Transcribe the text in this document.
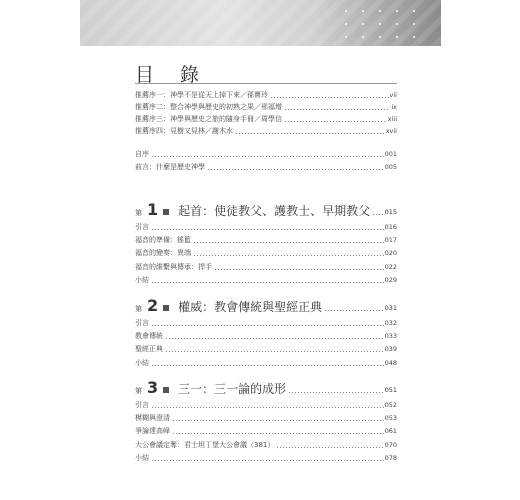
目 錄
推薦序一：神學不是從天上掉下來／孫寶玲	vii
推薦序二：整合神學與歷史的初熟之果／邢福增	ix
推薦序三：神學與歷史之旅的隨身手冊／周學信	xiii
推薦序四：見樹又見林／謝木水	xvii
自序	001
前言：什麼是歷史神學	005
第 1 起首：使徒教父、護教士、早期教父 015
引言	016
福音的準備：搖籃	017
福音的變奏：異端	020
福音的維繫與傳承：捍手	022
小結	029
第 2 權威：教會傳統與聖經正典	031
引言	032
教會傳統	033
聖經正典	039
小結	048
第 3 三一：三一論的成形	051
引言	052
模糊與澄清	053
爭論達高峰	061
大公會議定奪：君士坦丁堡大公會議（381）	070
小結	078
